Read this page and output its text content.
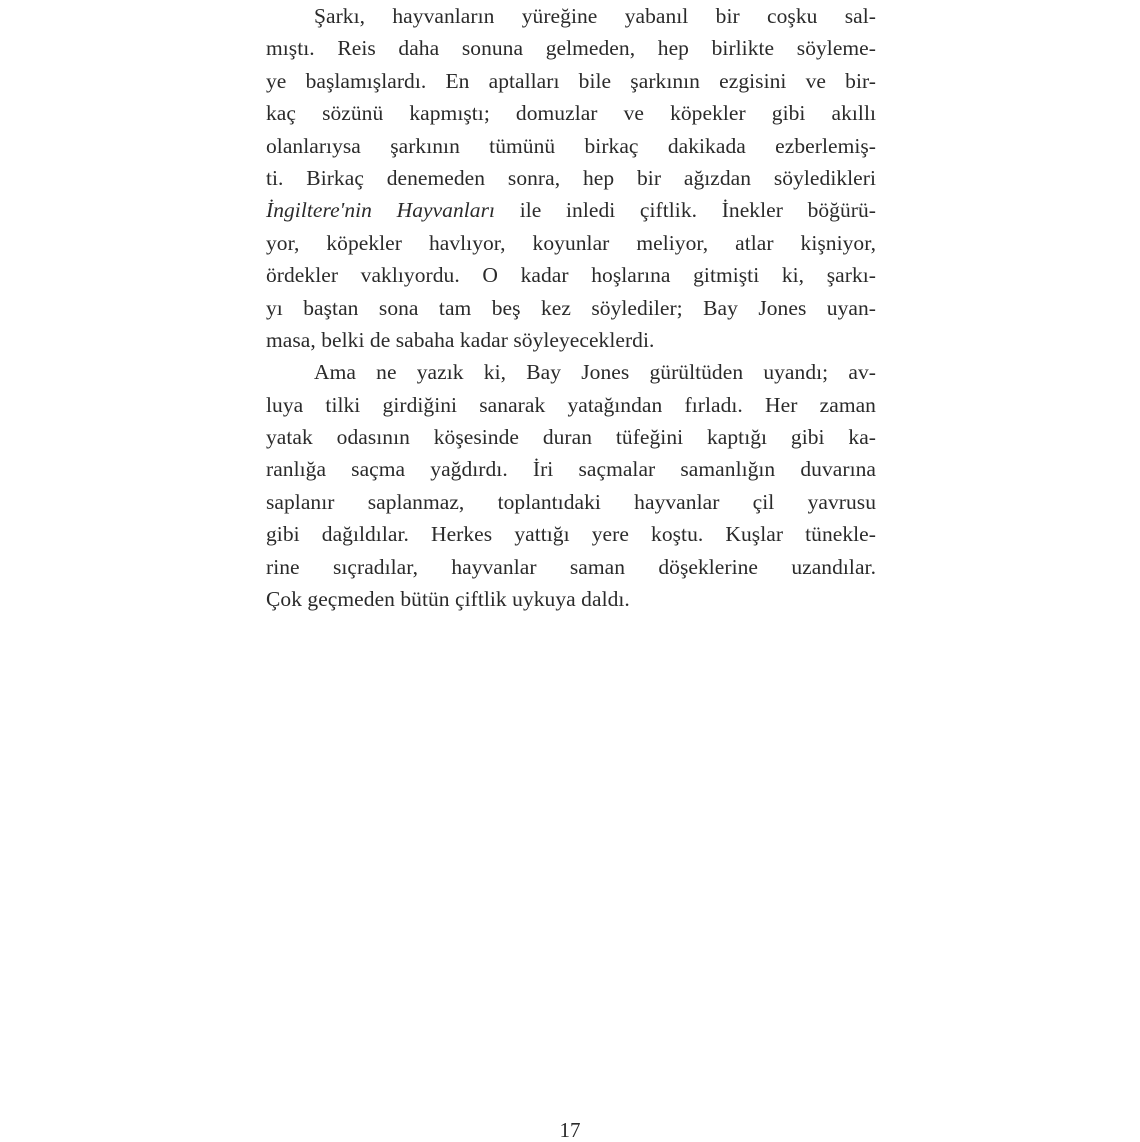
Şarkı, hayvanların yüreğine yabanıl bir coşku sal-
mıştı. Reis daha sonuna gelmeden, hep birlikte söyleme-
ye başlamışlardı. En aptalları bile şarkının ezgisini ve bir-
kaç sözünü kapmıştı; domuzlar ve köpekler gibi akıllı
olanlarıysa şarkının tümünü birkaç dakikada ezberlemiş-
ti. Birkaç denemeden sonra, hep bir ağızdan söyledikleri
İngiltere'nin Hayvanları ile inledi çiftlik. İnekler böğürü-
yor, köpekler havlıyor, koyunlar meliyor, atlar kişniyor,
ördekler vaklıyordu. O kadar hoşlarına gitmişti ki, şarkı-
yı baştan sona tam beş kez söylediler; Bay Jones uyan-
masa, belki de sabaha kadar söyleyeceklerdi.
Ama ne yazık ki, Bay Jones gürültüden uyandı; av-
luya tilki girdiğini sanarak yatağından fırladı. Her zaman
yatak odasının köşesinde duran tüfeğini kaptığı gibi ka-
ranlığa saçma yağdırdı. İri saçmalar samanlığın duvarına
saplanır saplanmaz, toplantıdaki hayvanlar çil yavrusu
gibi dağıldılar. Herkes yattığı yere koştu. Kuşlar tünekle-
rine sıçradılar, hayvanlar saman döşeklerine uzandılar.
Çok geçmeden bütün çiftlik uykuya daldı.
17
